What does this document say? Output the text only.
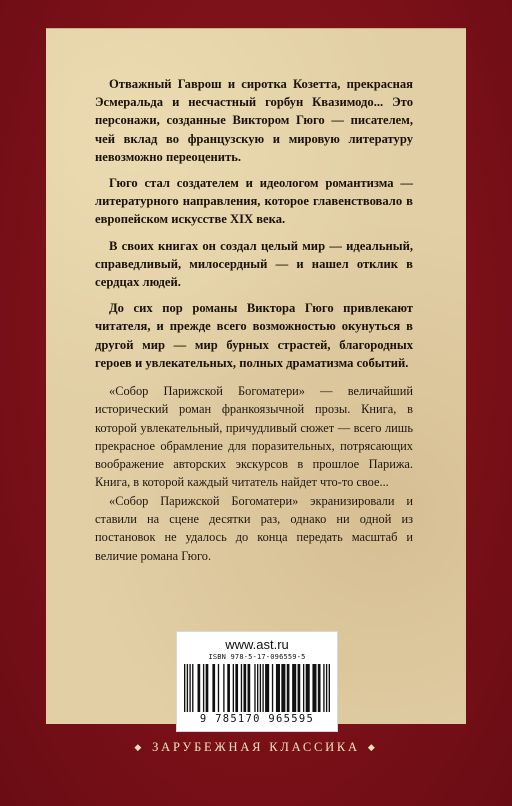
Отважный Гаврош и сиротка Козетта, прекрасная Эсмеральда и несчастный горбун Квазимодо... Это персонажи, созданные Виктором Гюго — писателем, чей вклад во французскую и мировую литературу невозможно переоценить.

Гюго стал создателем и идеологом романтизма — литературного направления, которое главенствовало в европейском искусстве XIX века.

В своих книгах он создал целый мир — идеальный, справедливый, милосердный — и нашел отклик в сердцах людей.

До сих пор романы Виктора Гюго привлекают читателя, и прежде всего возможностью окунуться в другой мир — мир бурных страстей, благородных героев и увлекательных, полных драматизма событий.

«Собор Парижской Богоматери» — величайший исторический роман франкоязычной прозы. Книга, в которой увлекательный, причудливый сюжет — всего лишь прекрасное обрамление для поразительных, потрясающих воображение авторских экскурсов в прошлое Парижа. Книга, в которой каждый читатель найдет что-то свое...

«Собор Парижской Богоматери» экранизировали и ставили на сцене десятки раз, однако ни одной из постановок не удалось до конца передать масштаб и величие романа Гюго.

www.ast.ru
ISBN 978-5-17-096559-5
9 785170 965595
◆ ЗАРУБЕЖНАЯ КЛАССИКА ◆
